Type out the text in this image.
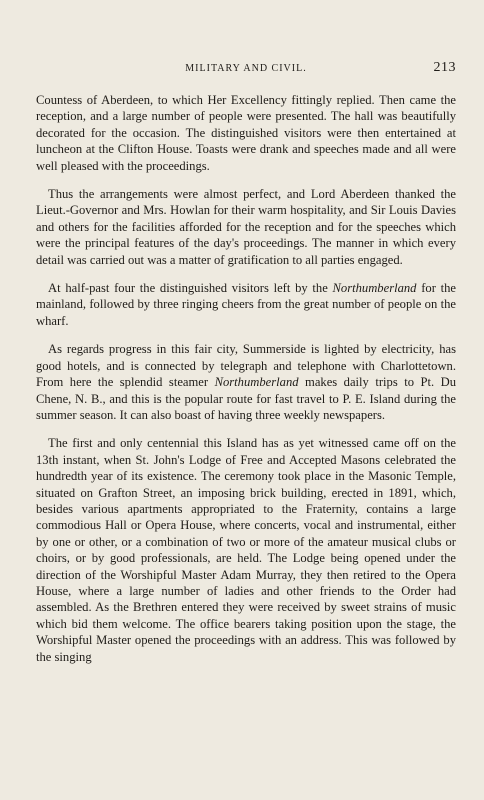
MILITARY AND CIVIL.	213

Countess of Aberdeen, to which Her Excellency fittingly replied. Then came the reception, and a large number of people were presented. The hall was beautifully decorated for the occasion. The distinguished visitors were then entertained at luncheon at the Clifton House. Toasts were drank and speeches made and all were well pleased with the proceedings.

Thus the arrangements were almost perfect, and Lord Aberdeen thanked the Lieut.-Governor and Mrs. Howlan for their warm hospitality, and Sir Louis Davies and others for the facilities afforded for the reception and for the speeches which were the principal features of the day's proceedings. The manner in which every detail was carried out was a matter of gratification to all parties engaged.

At half-past four the distinguished visitors left by the Northumberland for the mainland, followed by three ringing cheers from the great number of people on the wharf.

As regards progress in this fair city, Summerside is lighted by electricity, has good hotels, and is connected by telegraph and telephone with Charlottetown. From here the splendid steamer Northumberland makes daily trips to Pt. Du Chene, N. B., and this is the popular route for fast travel to P. E. Island during the summer season. It can also boast of having three weekly newspapers.

The first and only centennial this Island has as yet witnessed came off on the 13th instant, when St. John's Lodge of Free and Accepted Masons celebrated the hundredth year of its existence. The ceremony took place in the Masonic Temple, situated on Grafton Street, an imposing brick building, erected in 1891, which, besides various apartments appropriated to the Fraternity, contains a large commodious Hall or Opera House, where concerts, vocal and instrumental, either by one or other, or a combination of two or more of the amateur musical clubs or choirs, or by good professionals, are held. The Lodge being opened under the direction of the Worshipful Master Adam Murray, they then retired to the Opera House, where a large number of ladies and other friends to the Order had assembled. As the Brethren entered they were received by sweet strains of music which bid them welcome. The office bearers taking position upon the stage, the Worshipful Master opened the proceedings with an address. This was followed by the singing
